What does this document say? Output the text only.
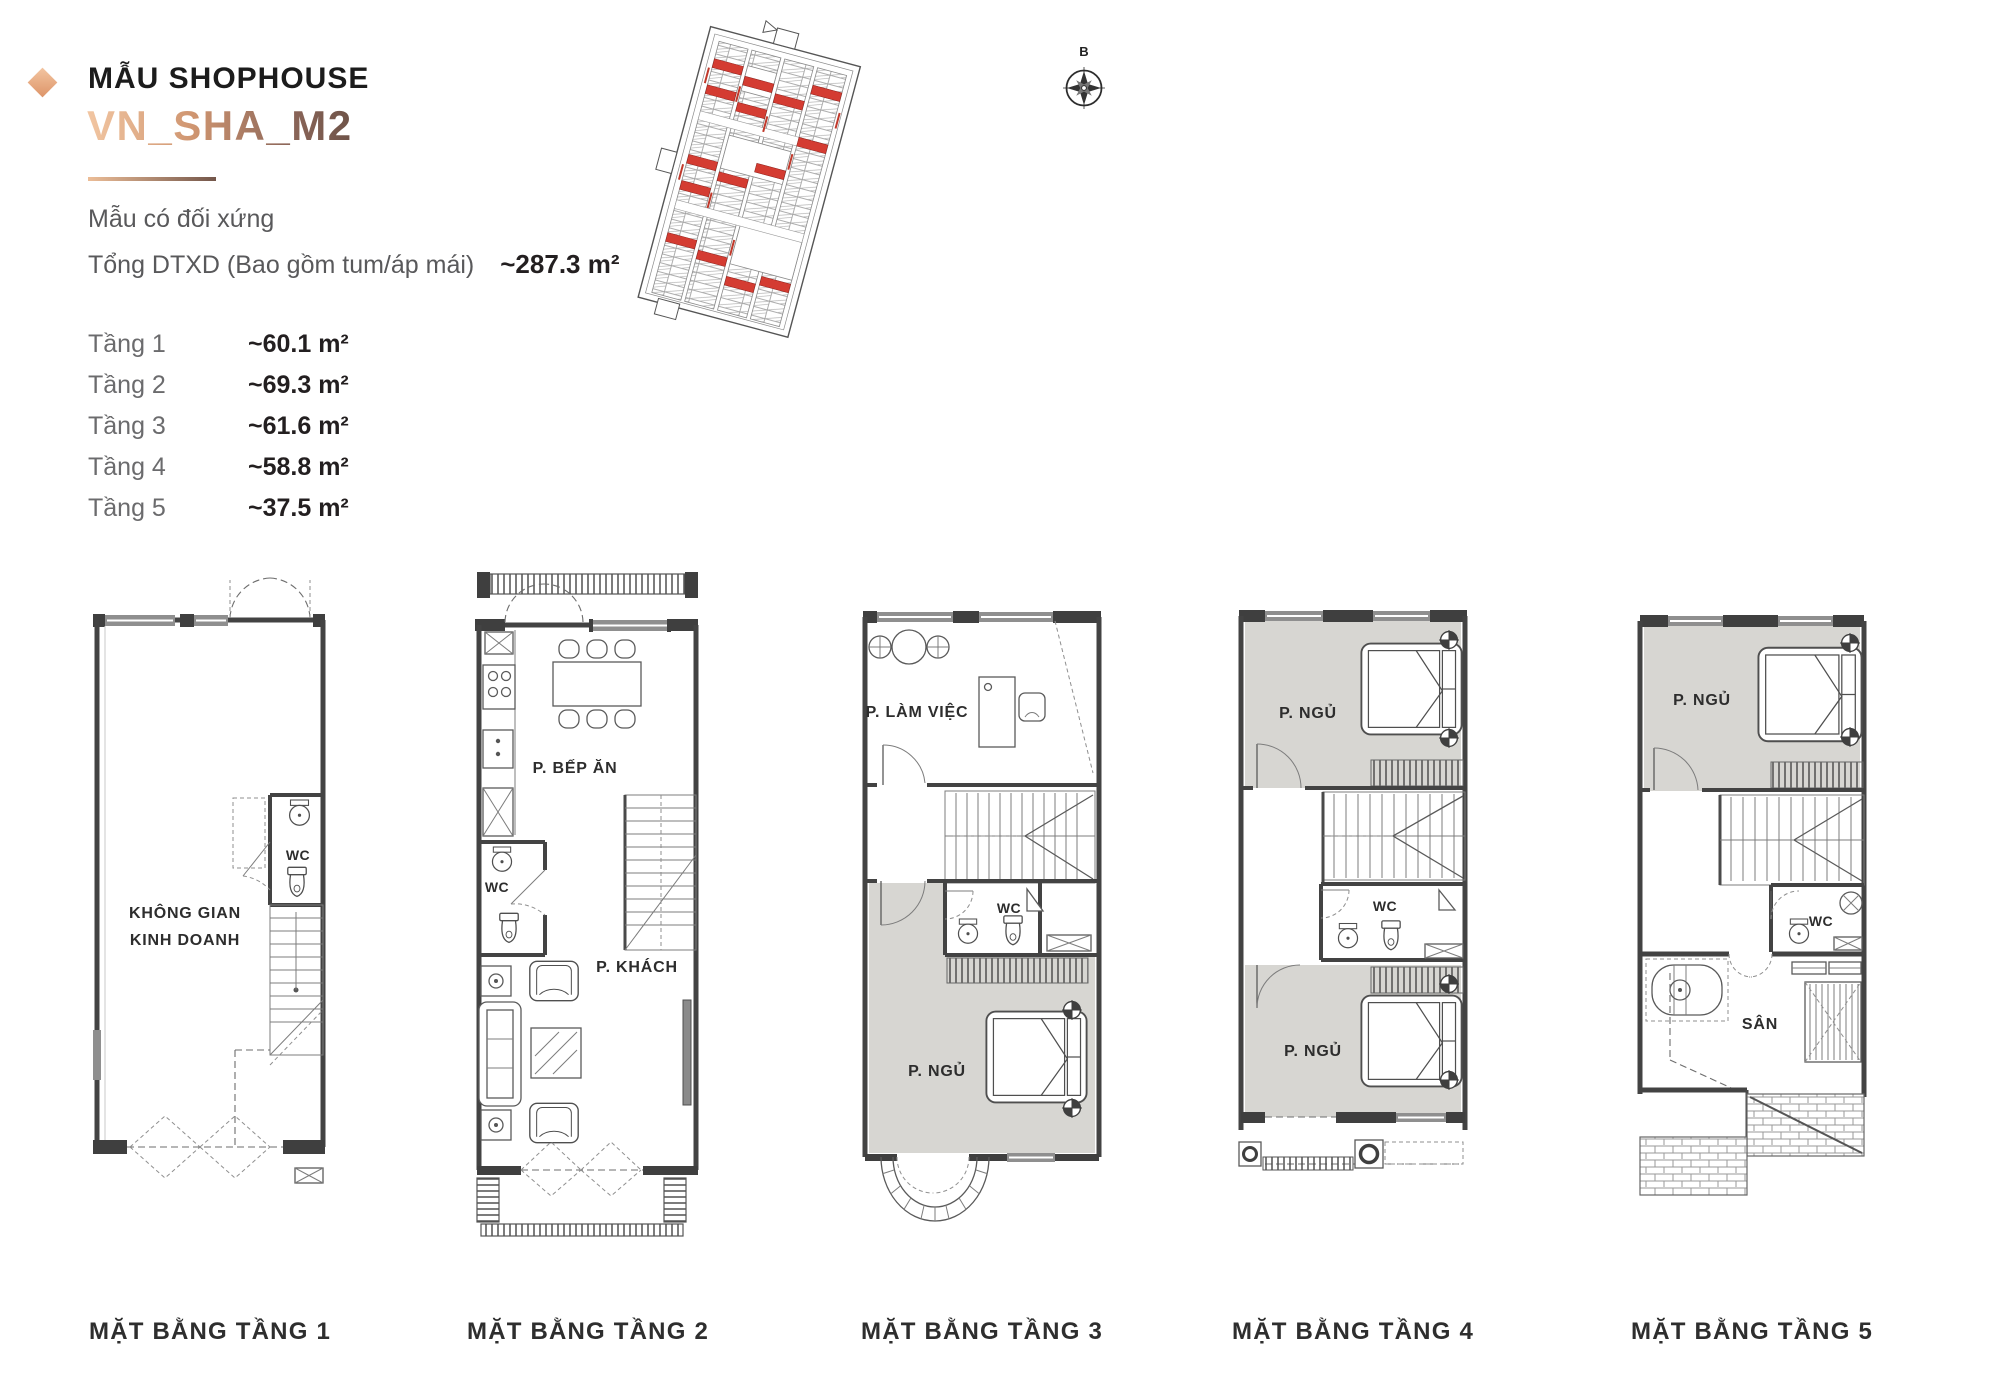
MẪU SHOPHOUSE
VN_SHA_M2
Mẫu có đối xứng
Tổng DTXD (Bao gồm tum/áp mái) ~287.3 m²
Tầng 1	~60.1 m²
Tầng 2	~69.3 m²
Tầng 3	~61.6 m²
Tầng 4	~58.8 m²
Tầng 5	~37.5 m²
B
WC
KHÔNG GIAN
KINH DOANH
MẶT BẰNG TẦNG 1
P. BẾP ĂN
WC
P. KHÁCH
MẶT BẰNG TẦNG 2
P. LÀM VIỆC
WC
P. NGỦ
MẶT BẰNG TẦNG 3
P. NGỦ
WC
P. NGỦ
MẶT BẰNG TẦNG 4
P. NGỦ
WC
SÂN
MẶT BẰNG TẦNG 5
